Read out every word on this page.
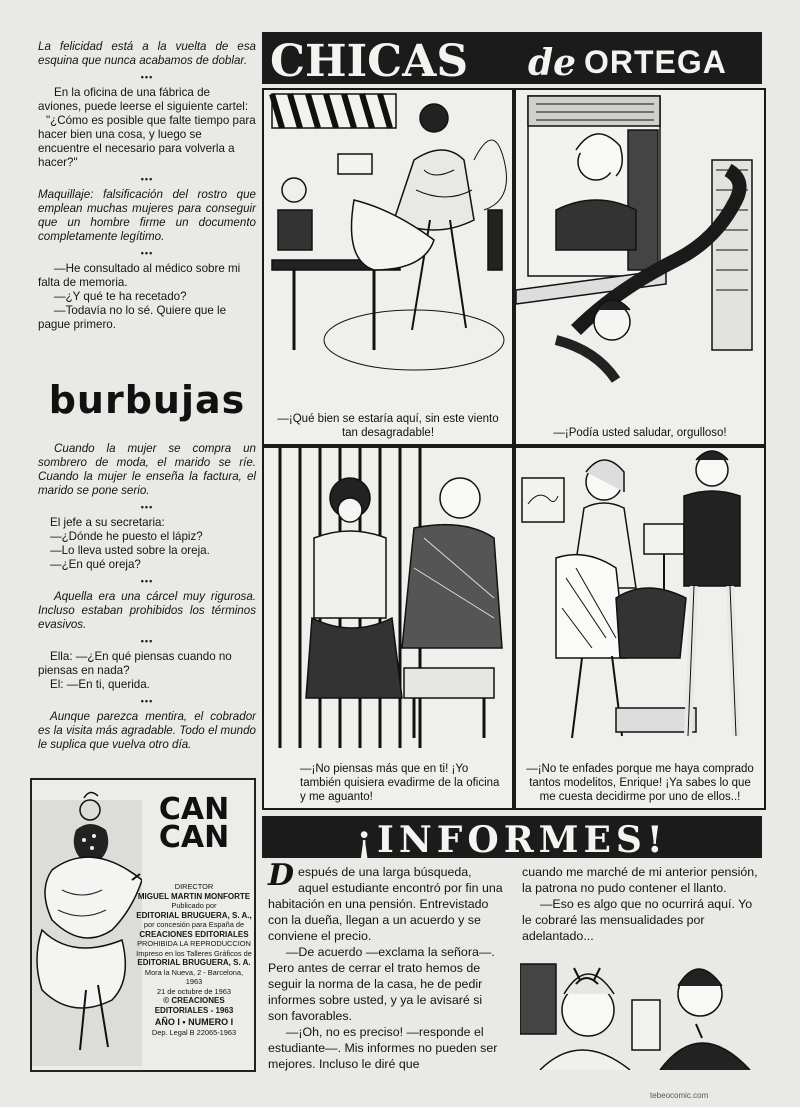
La felicidad está a la vuelta de esa esquina que nunca acabamos de doblar.

•••

En la oficina de una fábrica de aviones, puede leerse el siguiente cartel:

"¿Cómo es posible que falte tiempo para hacer bien una cosa, y luego se encuentre el necesario para volverla a hacer?"

•••

Maquillaje: falsificación del rostro que emplean muchas mujeres para conseguir que un hombre firme un documento completamente legítimo.

•••

—He consultado al médico sobre mi falta de memoria.

—¿Y qué te ha recetado?

—Todavía no lo sé. Quiere que le pague primero.

burbujas

Cuando la mujer se compra un sombrero de moda, el marido se ríe. Cuando la mujer le enseña la factura, el marido se pone serio.

•••

El jefe a su secretaria:

—¿Dónde he puesto el lápiz?

—Lo lleva usted sobre la oreja.

—¿En qué oreja?

•••

Aquella era una cárcel muy rigurosa. Incluso estaban prohibidos los términos evasivos.

•••

Ella: —¿En qué piensas cuando no piensas en nada?

El: —En ti, querida.

•••

Aunque parezca mentira, el cobrador es la visita más agradable. Todo el mundo le suplica que vuelva otro día.

CAN
CAN
DIRECTOR
MIGUEL MARTIN MONFORTE
Publicado por
EDITORIAL BRUGUERA, S. A.,
por concesión para España de
CREACIONES EDITORIALES
PROHIBIDA LA REPRODUCCION
Impreso en los Talleres Gráficos de
EDITORIAL BRUGUERA, S. A.
Mora la Nueva, 2 - Barcelona, 1963
21 de octubre de 1963
© CREACIONES EDITORIALES - 1963
AÑO I • NUMERO I
Dep. Legal B 22065-1963
CHICAS de ORTEGA
—¡Qué bien se estaría aquí, sin este viento tan desagradable!	—¡Podía usted saludar, orgulloso!
—¡No piensas más que en ti! ¡Yo también quisiera evadirme de la oficina y me aguanto!
—¡No te enfades porque me haya comprado tantos modelitos, Enrique! ¡Ya sabes lo que me cuesta decidirme por uno de ellos..!
¡INFORMES!

Después de una larga búsqueda, aquel estudiante encontró por fin una habitación en una pensión. Entrevistado con la dueña, llegan a un acuerdo y se conviene el precio.

—De acuerdo —exclama la señora—. Pero antes de cerrar el trato hemos de seguir la norma de la casa, he de pedir informes sobre usted, y ya le avisaré si son favorables.

—¡Oh, no es preciso! —responde el estudiante—. Mis informes no pueden ser mejores. Incluso le diré que

cuando me marché de mi anterior pensión, la patrona no pudo contener el llanto.

—Eso es algo que no ocurrirá aquí. Yo le cobraré las mensualidades por adelantado...

tebeocomic.com
